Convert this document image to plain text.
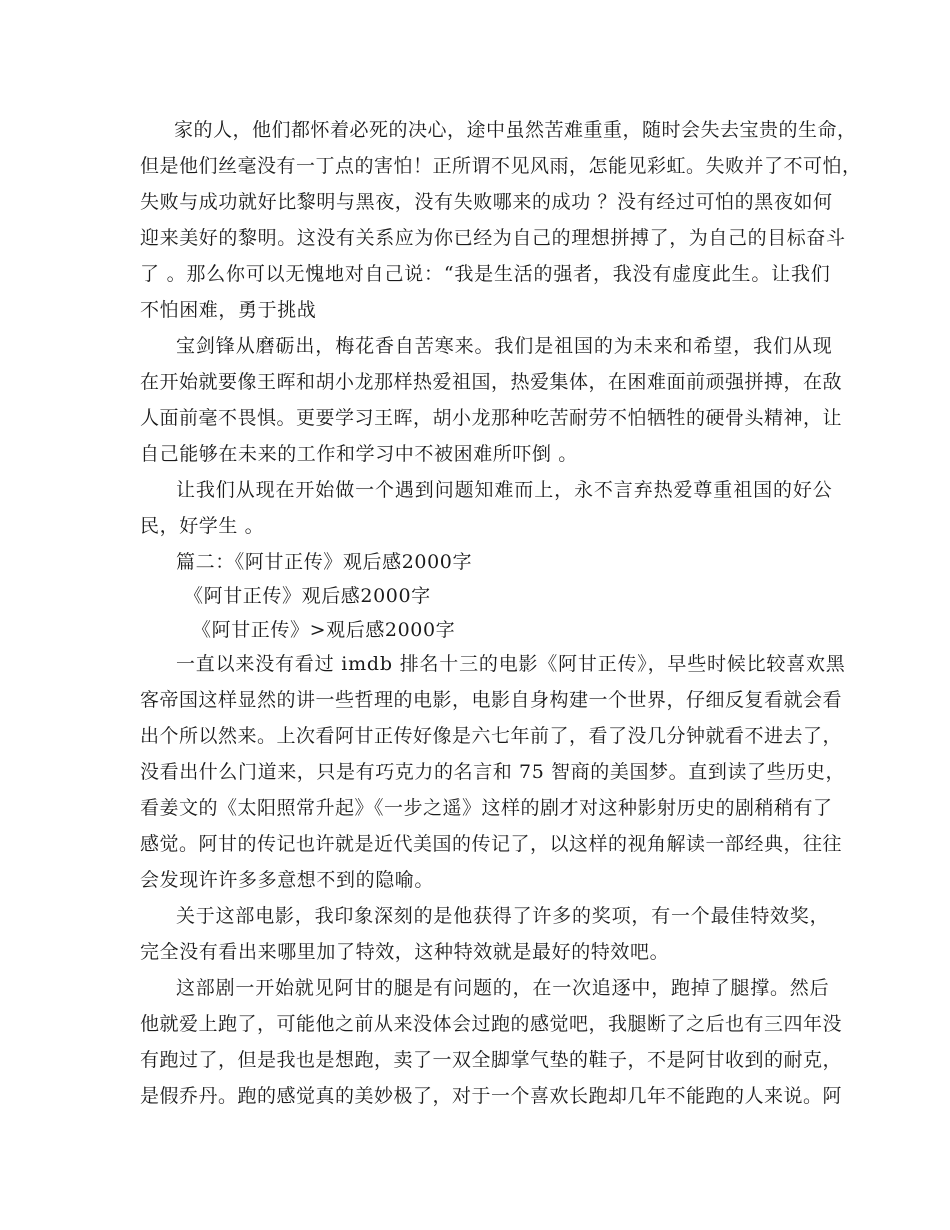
家的人，他们都怀着必死的决心，途中虽然苦难重重，随时会失去宝贵的生命，
但是他们丝毫没有一丁点的害怕！正所谓不见风雨，怎能见彩虹。失败并了不可怕，
失败与成功就好比黎明与黑夜，没有失败哪来的成功 ？没有经过可怕的黑夜如何
迎来美好的黎明。这没有关系应为你已经为自己的理想拼搏了，为自己的目标奋斗
了 。那么你可以无愧地对自己说：“我是生活的强者，我没有虚度此生。让我们
不怕困难，勇于挑战
宝剑锋从磨砺出，梅花香自苦寒来。我们是祖国的为未来和希望，我们从现
在开始就要像王晖和胡小龙那样热爱祖国，热爱集体，在困难面前顽强拼搏，在敌
人面前毫不畏惧。更要学习王晖，胡小龙那种吃苦耐劳不怕牺牲的硬骨头精神，让
自己能够在未来的工作和学习中不被困难所吓倒 。
让我们从现在开始做一个遇到问题知难而上，永不言弃热爱尊重祖国的好公
民，好学生 。
篇二：《阿甘正传》观后感2000字
《阿甘正传》观后感2000字
《阿甘正传》>观后感2000字
一直以来没有看过 imdb 排名十三的电影《阿甘正传》，早些时候比较喜欢黑
客帝国这样显然的讲一些哲理的电影，电影自身构建一个世界，仔细反复看就会看
出个所以然来。上次看阿甘正传好像是六七年前了，看了没几分钟就看不进去了，
没看出什么门道来，只是有巧克力的名言和 75 智商的美国梦。直到读了些历史，
看姜文的《太阳照常升起》《一步之遥》这样的剧才对这种影射历史的剧稍稍有了
感觉。阿甘的传记也许就是近代美国的传记了，以这样的视角解读一部经典，往往
会发现许许多多意想不到的隐喻。
关于这部电影，我印象深刻的是他获得了许多的奖项，有一个最佳特效奖，
完全没有看出来哪里加了特效，这种特效就是最好的特效吧。
这部剧一开始就见阿甘的腿是有问题的，在一次追逐中，跑掉了腿撑。然后
他就爱上跑了，可能他之前从来没体会过跑的感觉吧，我腿断了之后也有三四年没
有跑过了，但是我也是想跑，卖了一双全脚掌气垫的鞋子，不是阿甘收到的耐克，
是假乔丹。跑的感觉真的美妙极了，对于一个喜欢长跑却几年不能跑的人来说。阿
